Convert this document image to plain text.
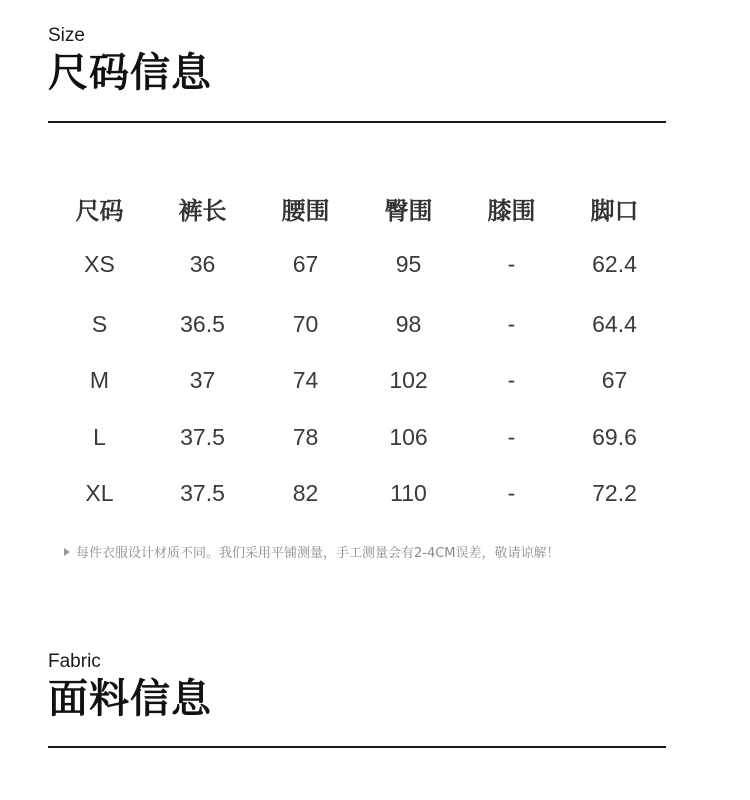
Size
尺码信息
尺码	裤长	腰围	臀围	膝围	脚口
XS	36	67	95	-	62.4
S	36.5	70	98	-	64.4
M	37	74	102	-	67
L	37.5	78	106	-	69.6
XL	37.5	82	110	-	72.2
每件衣服设计材质不同。我们采用平铺测量，手工测量会有2-4CM误差，敬请谅解！
Fabric
面料信息
